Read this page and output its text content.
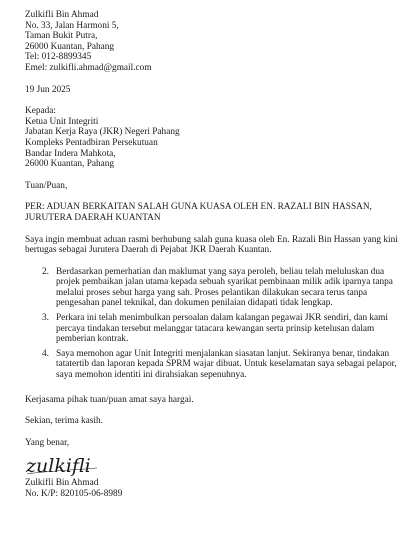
Zulkifli Bin Ahmad
No. 33, Jalan Harmoni 5,
Taman Bukit Putra,
26000 Kuantan, Pahang
Tel: 012-8899345
Emel: zulkifli.ahmad@gmail.com
19 Jun 2025
Kepada:
Ketua Unit Integriti
Jabatan Kerja Raya (JKR) Negeri Pahang
Kompleks Pentadbiran Persekutuan
Bandar Indera Mahkota,
26000 Kuantan, Pahang
Tuan/Puan,
PER: ADUAN BERKAITAN SALAH GUNA KUASA OLEH EN. RAZALI BIN HASSAN, JURUTERA DAERAH KUANTAN
Saya ingin membuat aduan rasmi berhubung salah guna kuasa oleh En. Razali Bin Hassan yang kini bertugas sebagai Jurutera Daerah di Pejabat JKR Daerah Kuantan.
2. Berdasarkan pemerhatian dan maklumat yang saya peroleh, beliau telah meluluskan dua projek pembaikan jalan utama kepada sebuah syarikat pembinaan milik adik iparnya tanpa melalui proses sebut harga yang sah. Proses pelantikan dilakukan secara terus tanpa pengesahan panel teknikal, dan dokumen penilaian didapati tidak lengkap.
3. Perkara ini telah menimbulkan persoalan dalam kalangan pegawai JKR sendiri, dan kami percaya tindakan tersebut melanggar tatacara kewangan serta prinsip ketelusan dalam pemberian kontrak.
4. Saya memohon agar Unit Integriti menjalankan siasatan lanjut. Sekiranya benar, tindakan tatatertib dan laporan kepada SPRM wajar dibuat. Untuk keselamatan saya sebagai pelapor, saya memohon identiti ini dirahsiakan sepenuhnya.
Kerjasama pihak tuan/puan amat saya hargai.
Sekian, terima kasih.
Yang benar,
zulkifli
Zulkifli Bin Ahmad
No. K/P: 820105-06-8989
